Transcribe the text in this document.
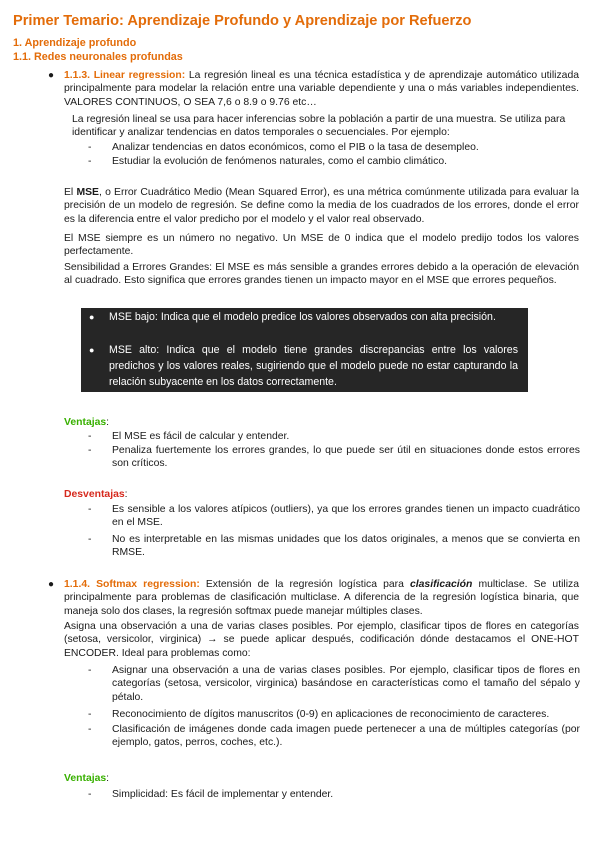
Primer Temario: Aprendizaje Profundo y Aprendizaje por Refuerzo
1. Aprendizaje profundo
1.1. Redes neuronales profundas
● 1.1.3. Linear regression: La regresión lineal es una técnica estadística y de aprendizaje automático utilizada principalmente para modelar la relación entre una variable dependiente y una o más variables independientes. VALORES CONTINUOS, O SEA 7,6 o 8.9 o 9.76 etc…
La regresión lineal se usa para hacer inferencias sobre la población a partir de una muestra. Se utiliza para identificar y analizar tendencias en datos temporales o secuenciales. Por ejemplo:
-	Analizar tendencias en datos económicos, como el PIB o la tasa de desempleo.
-	Estudiar la evolución de fenómenos naturales, como el cambio climático.
El MSE, o Error Cuadrático Medio (Mean Squared Error), es una métrica comúnmente utilizada para evaluar la precisión de un modelo de regresión. Se define como la media de los cuadrados de los errores, donde el error es la diferencia entre el valor predicho por el modelo y el valor real observado.
El MSE siempre es un número no negativo. Un MSE de 0 indica que el modelo predijo todos los valores perfectamente.
Sensibilidad a Errores Grandes: El MSE es más sensible a grandes errores debido a la operación de elevación al cuadrado. Esto significa que errores grandes tienen un impacto mayor en el MSE que errores pequeños.
● MSE bajo: Indica que el modelo predice los valores observados con alta precisión.
● MSE alto: Indica que el modelo tiene grandes discrepancias entre los valores predichos y los valores reales, sugiriendo que el modelo puede no estar capturando la relación subyacente en los datos correctamente.
Ventajas:
-	El MSE es fácil de calcular y entender.
-	Penaliza fuertemente los errores grandes, lo que puede ser útil en situaciones donde estos errores son críticos.
Desventajas:
-	Es sensible a los valores atípicos (outliers), ya que los errores grandes tienen un impacto cuadrático en el MSE.
-	No es interpretable en las mismas unidades que los datos originales, a menos que se convierta en RMSE.
● 1.1.4. Softmax regression: Extensión de la regresión logística para clasificación multiclase. Se utiliza principalmente para problemas de clasificación multiclase. A diferencia de la regresión logística binaria, que maneja solo dos clases, la regresión softmax puede manejar múltiples clases.
Asigna una observación a una de varias clases posibles. Por ejemplo, clasificar tipos de flores en categorías (setosa, versicolor, virginica) → se puede aplicar después, codificación dónde destacamos el ONE-HOT ENCODER. Ideal para problemas como:
-	Asignar una observación a una de varias clases posibles. Por ejemplo, clasificar tipos de flores en categorías (setosa, versicolor, virginica) basándose en características como el tamaño del sépalo y pétalo.
-	Reconocimiento de dígitos manuscritos (0-9) en aplicaciones de reconocimiento de caracteres.
-	Clasificación de imágenes donde cada imagen puede pertenecer a una de múltiples categorías (por ejemplo, gatos, perros, coches, etc.).
Ventajas:
-	Simplicidad: Es fácil de implementar y entender.
